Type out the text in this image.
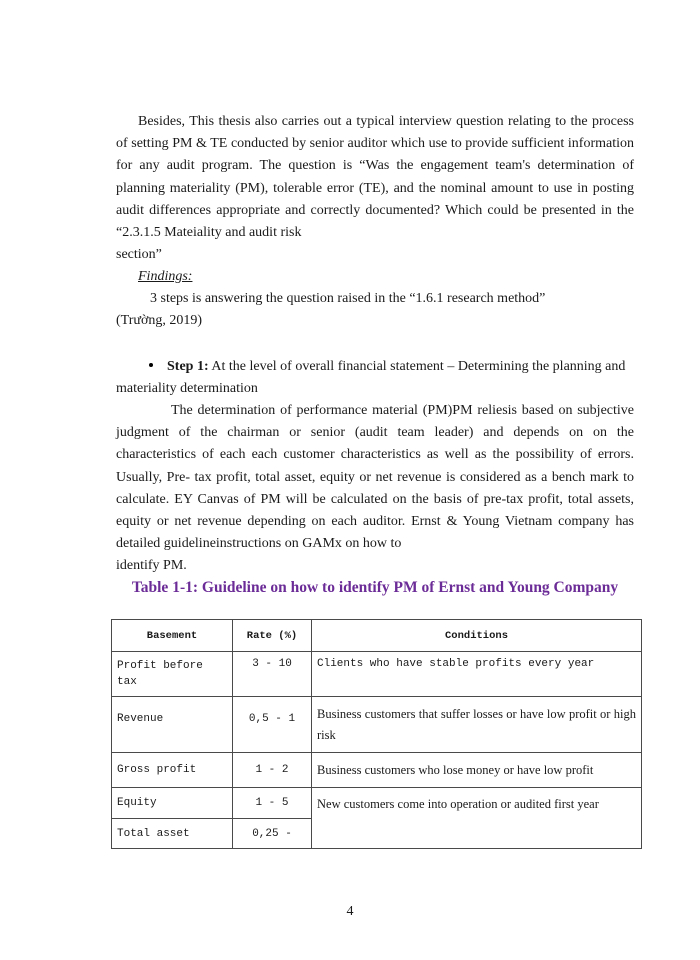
Besides, This thesis also carries out a typical interview question relating to the process of setting PM & TE conducted by senior auditor which use to provide sufficient information for any audit program. The question is “Was the engagement team's determination of planning materiality (PM), tolerable error (TE), and the nominal amount to use in posting audit differences appropriate and correctly documented? Which could be presented in the “2.3.1.5 Mateiality and audit risk
section”

Findings:

3 steps is answering the question raised in the “1.6.1 research method”
(Trường, 2019)

Step 1: At the level of overall financial statement – Determining the planning and materiality determination

The determination of performance material (PM)PM reliesis based on subjective judgment of the chairman or senior (audit team leader) and depends on on the characteristics of each each customer characteristics as well as the possibility of errors. Usually, Pre- tax profit, total asset, equity or net revenue is considered as a bench mark to calculate. EY Canvas of PM will be calculated on the basis of pre-tax profit, total assets, equity or net revenue depending on each auditor. Ernst & Young Vietnam company has detailed guidelineinstructions on GAMx on how to
identify PM.

Table 1-1: Guideline on how to identify PM of Ernst and Young Company

Basement	Rate (%)	Conditions
Profit before tax	3 - 10	Clients who have stable profits every year
Revenue	0,5 - 1	Business customers that suffer losses or have low profit or high risk
Gross profit	1 - 2	Business customers who lose money or have low profit
Equity	1 - 5	New customers come into operation or audited first year
Total asset	0,25 -	

4
